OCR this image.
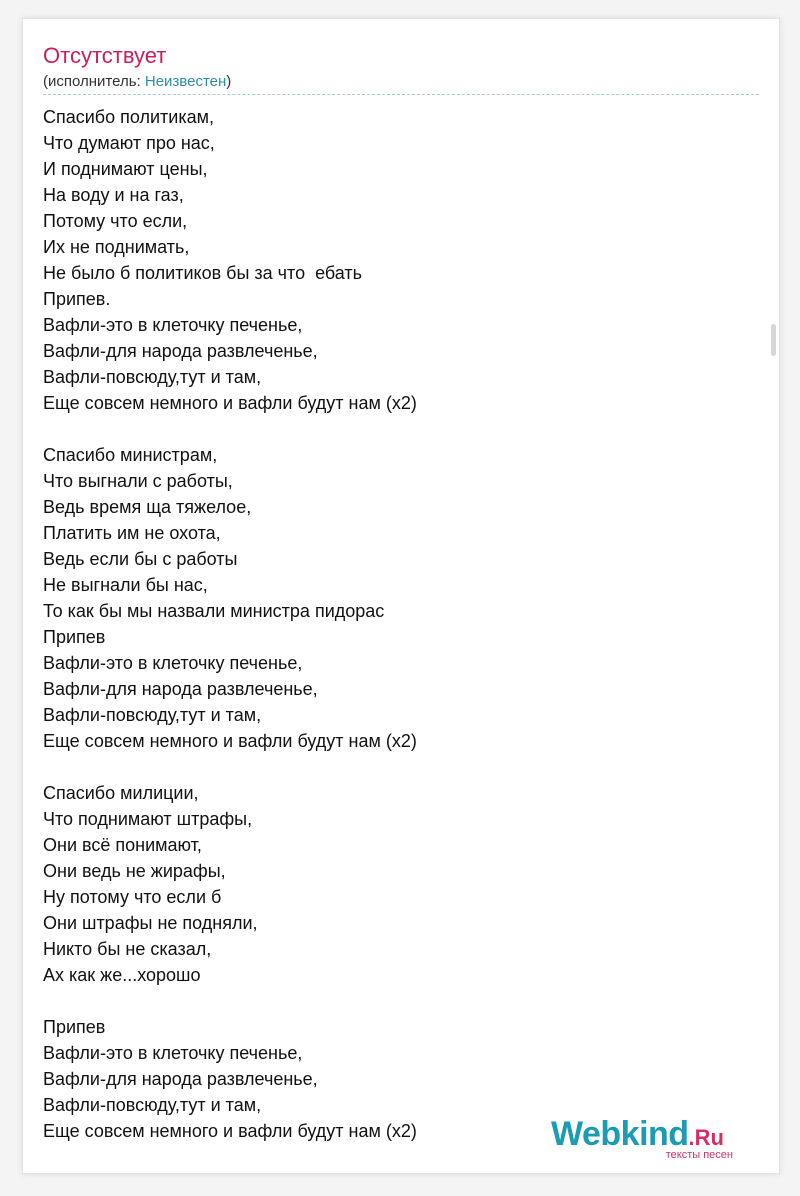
Отсутствует
(исполнитель: Неизвестен)
Спасибо политикам,
Что думают про нас,
И поднимают цены,
На воду и на газ,
Потому что если,
Их не поднимать,
Не было б политиков бы за что  ебать
Припев.
Вафли-это в клеточку печенье,
Вафли-для народа развлеченье,
Вафли-повсюду,тут и там,
Еще совсем немного и вафли будут нам (х2)
Спасибо министрам,
Что выгнали с работы,
Ведь время ща тяжелое,
Платить им не охота,
Ведь если бы с работы
Не выгнали бы нас,
То как бы мы назвали министра пидорас
Припев
Вафли-это в клеточку печенье,
Вафли-для народа развлеченье,
Вафли-повсюду,тут и там,
Еще совсем немного и вафли будут нам (х2)
Спасибо милиции,
Что поднимают штрафы,
Они всё понимают,
Они ведь не жирафы,
Ну потому что если б
Они штрафы не подняли,
Никто бы не сказал,
Ах как же...хорошо
Припев
Вафли-это в клеточку печенье,
Вафли-для народа развлеченье,
Вафли-повсюду,тут и там,
Еще совсем немного и вафли будут нам (х2)	Webkind.Ru
тексты песен
